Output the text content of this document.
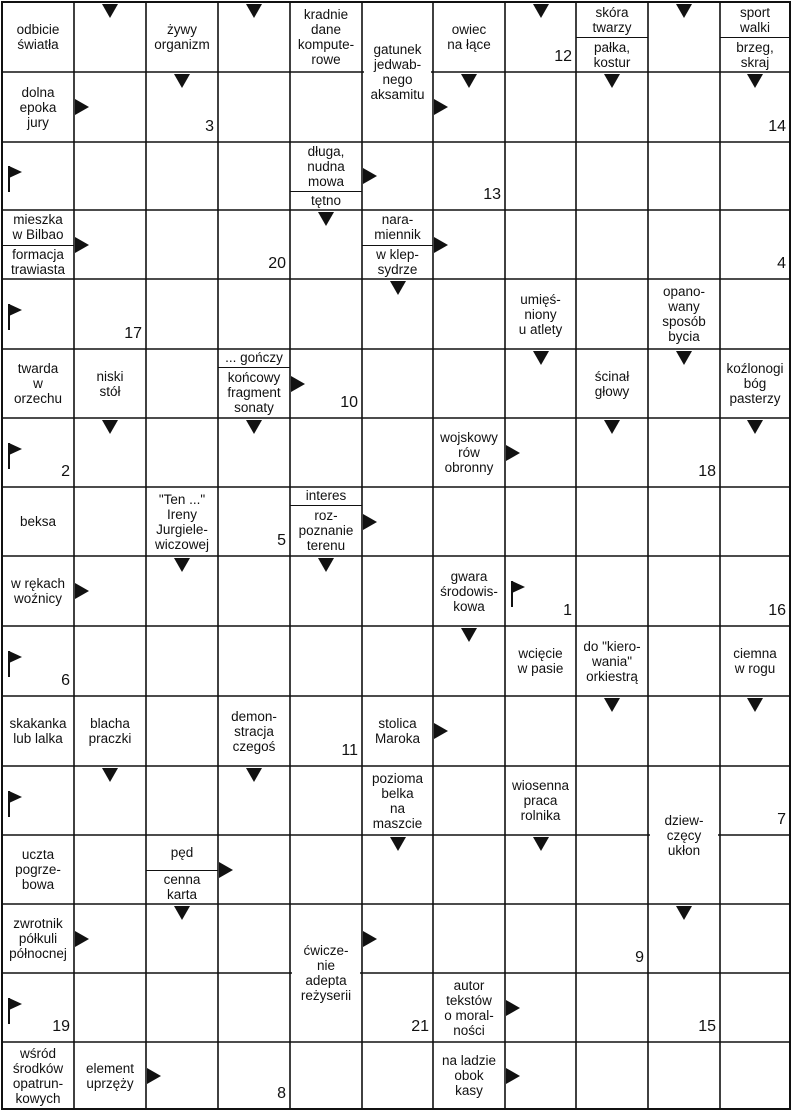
odbicie
światła
żywy
organizm
kradnie
dane
kompute-
rowe
gatunek
jedwab-
nego
aksamitu
owiec
na łące
skóra
twarzy
pałka,
kostur
sport
walki
brzeg,
skraj
dolna
epoka
jury
długa,
nudna
mowa
tętno
mieszka
w Bilbao
formacja
trawiasta
nara-
miennik
w klep-
sydrze
umięś-
niony
u atlety
opano-
wany
sposób
bycia
twarda
w
orzechu
niski
stół
... gończy
końcowy
fragment
sonaty
ścinał
głowy
koźlonogi
bóg
pasterzy
wojskowy
rów
obronny
beksa
"Ten ..."
Ireny
Jurgiele-
wiczowej
interes
roz-
poznanie
terenu
w rękach
woźnicy
gwara
środowis-
kowa
wcięcie
w pasie
do "kiero-
wania"
orkiestrą
ciemna
w rogu
skakanka
lub lalka
blacha
praczki
demon-
stracja
czegoś
stolica
Maroka
pozioma
belka
na
maszcie
wiosenna
praca
rolnika	dziew-
częcy
ukłon
uczta
pogrze-
bowa
pęd
cenna
karta
zwrotnik
półkuli
północnej	ćwicze-
nie
adepta
reżyserii
autor
tekstów
o moral-
ności
wśród
środków
opatrun-
kowych
element
uprzęży
na ladzie
obok
kasy
12
3	14
13
20	4
17
10
2	18
5
1	16
6
11
7
9
19	21	15
8
